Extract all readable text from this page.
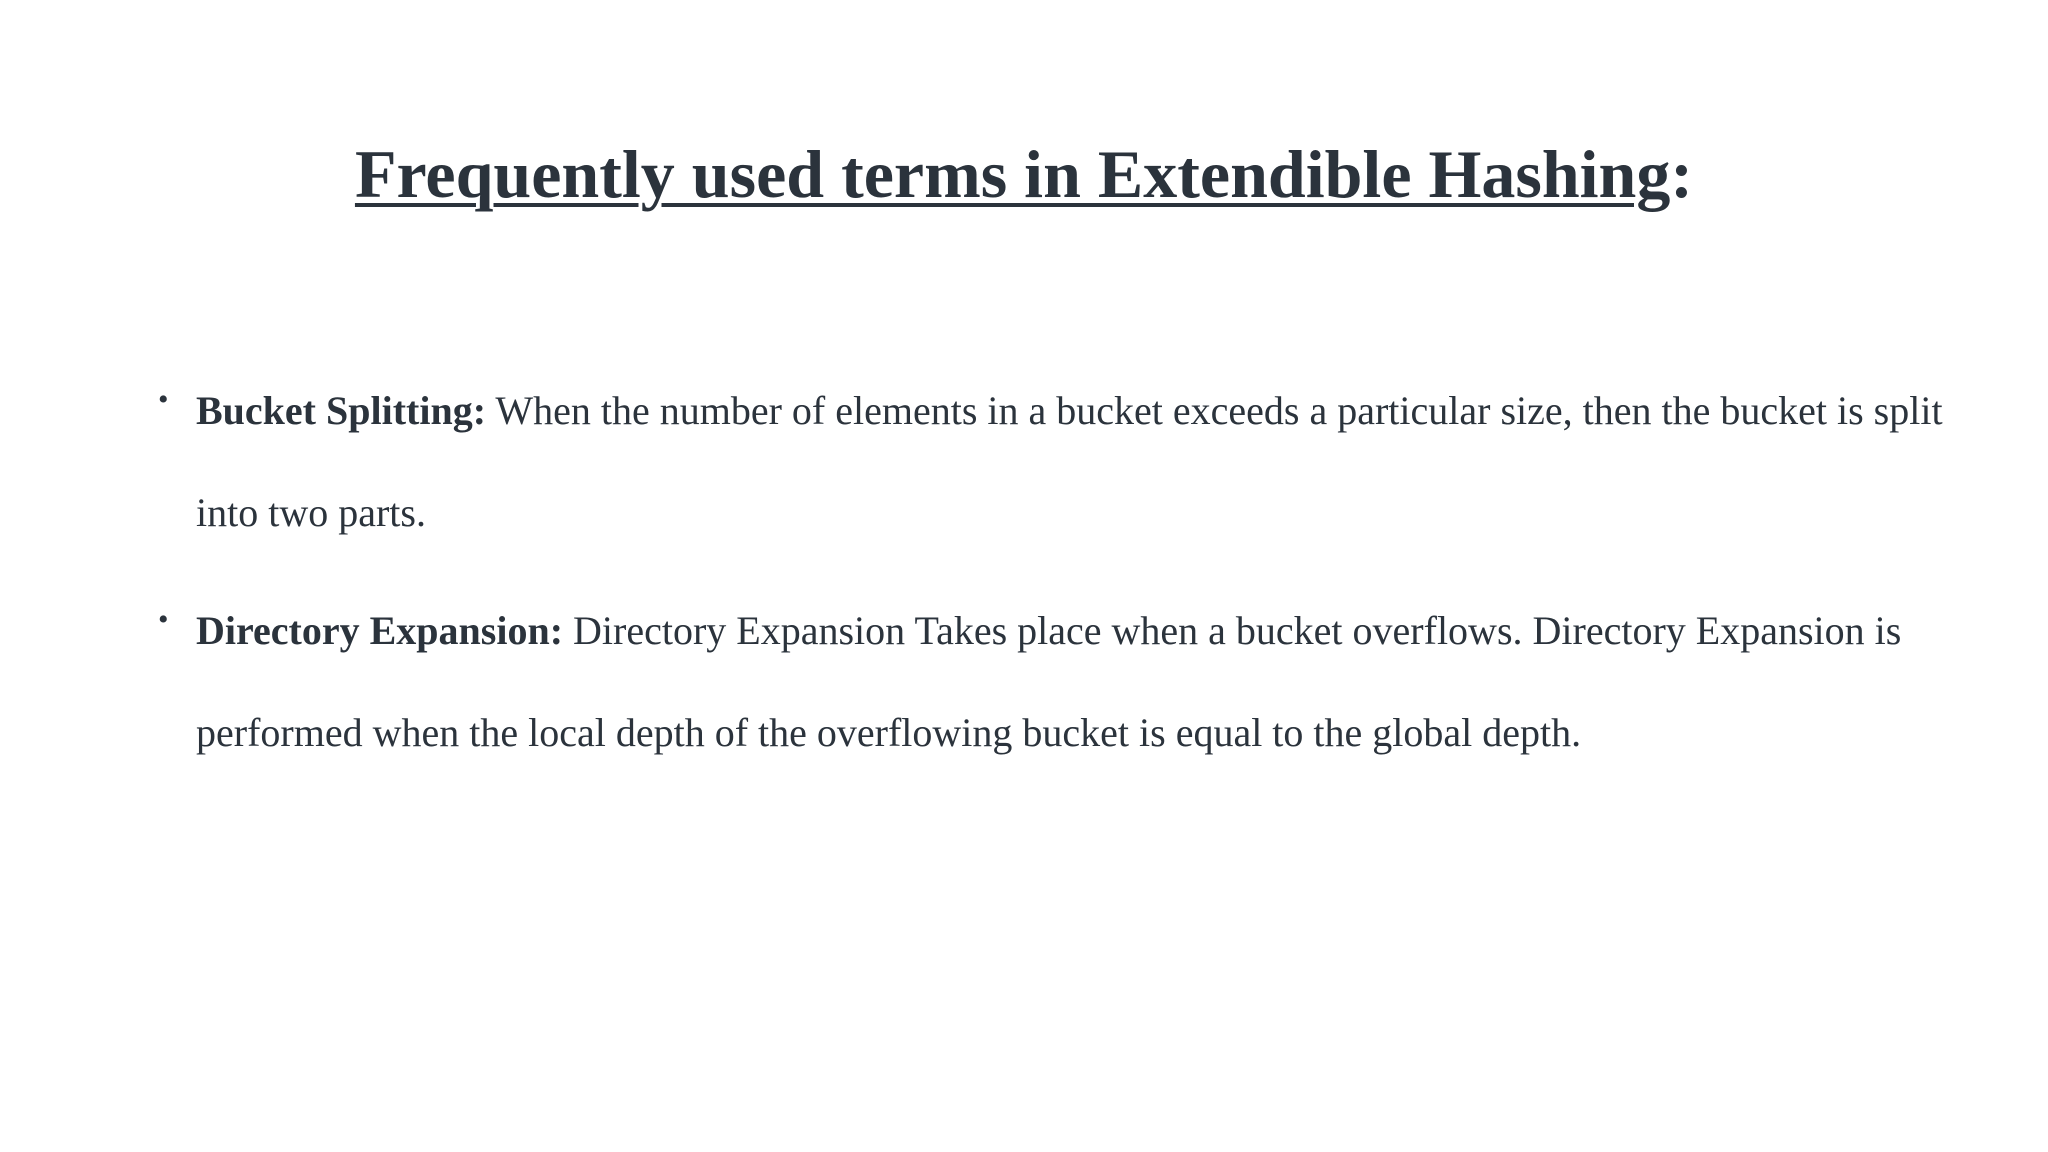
Frequently used terms in Extendible Hashing:
• Bucket Splitting: When the number of elements in a bucket exceeds a particular size, then the bucket is split into two parts.
• Directory Expansion: Directory Expansion Takes place when a bucket overflows. Directory Expansion is performed when the local depth of the overflowing bucket is equal to the global depth.
